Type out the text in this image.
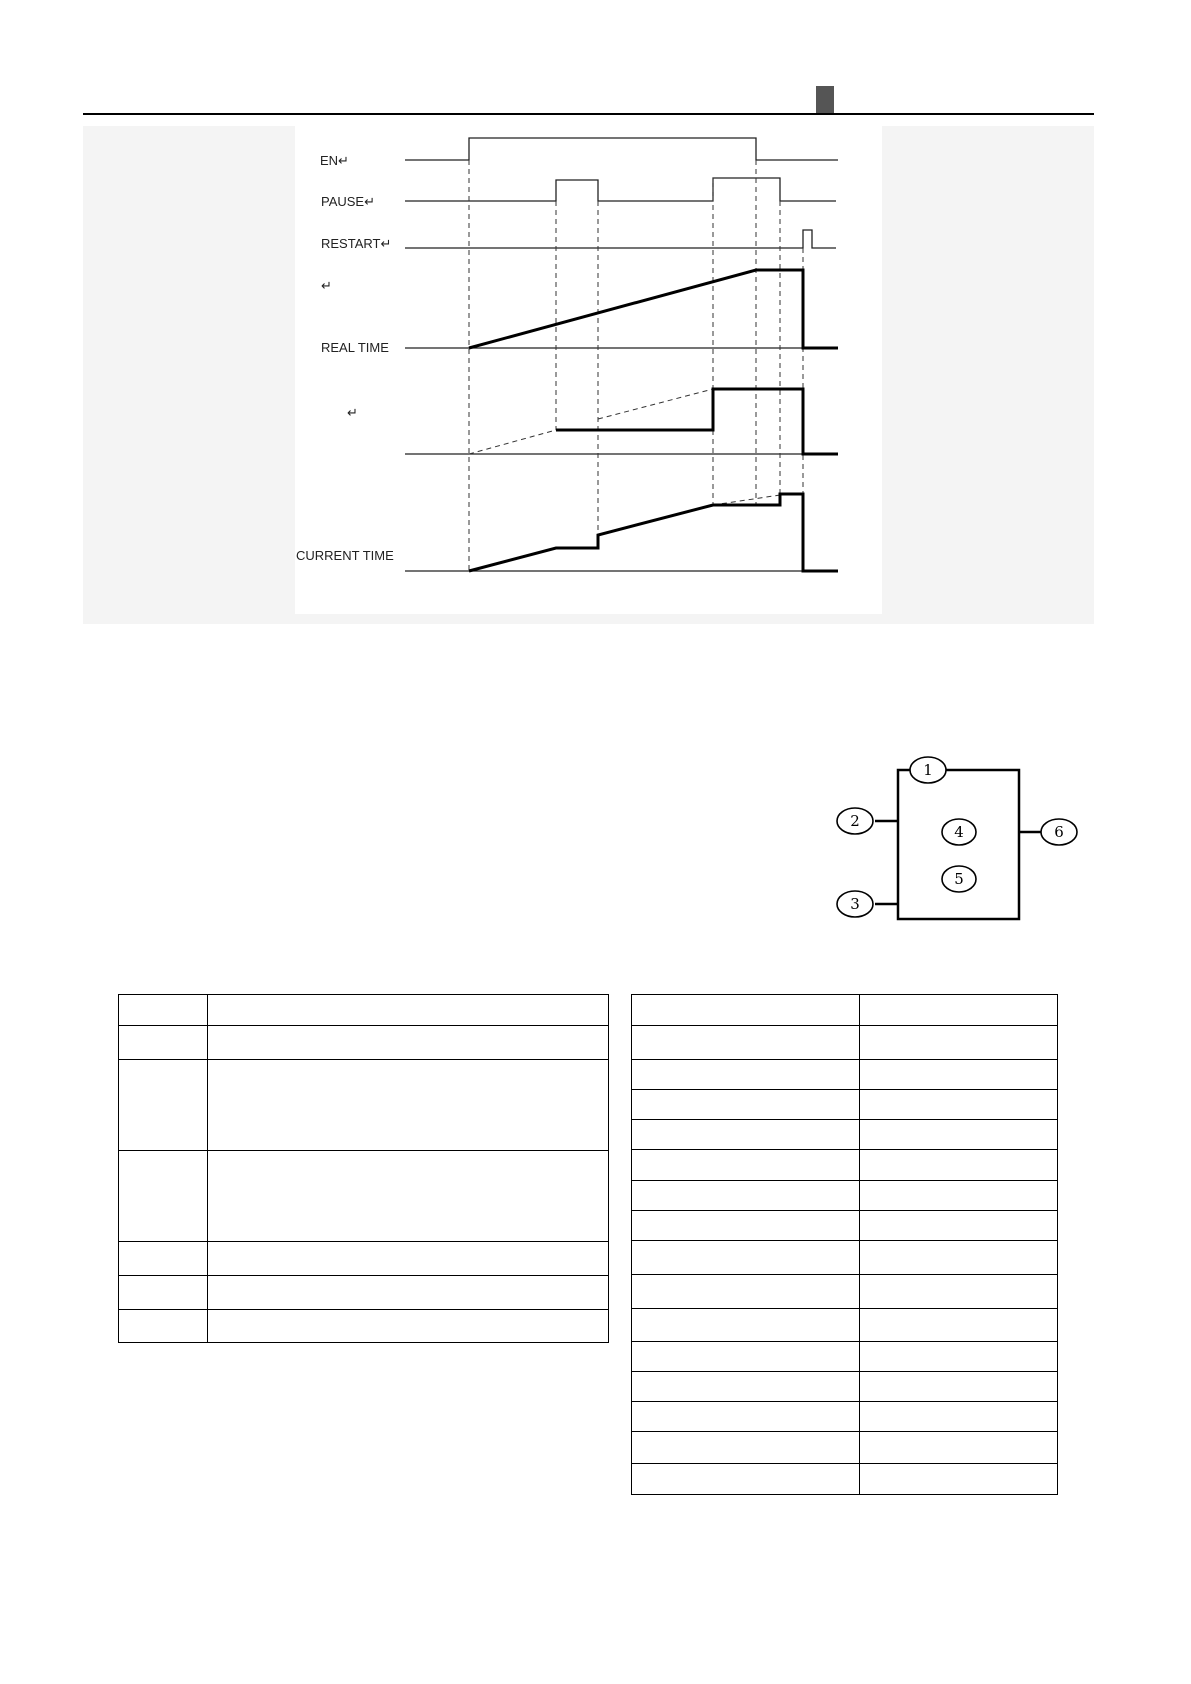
EN↵
PAUSE↵
RESTART↵
↵
REAL TIME
↵
CURRENT TIME
1
2
3
4
5
6
